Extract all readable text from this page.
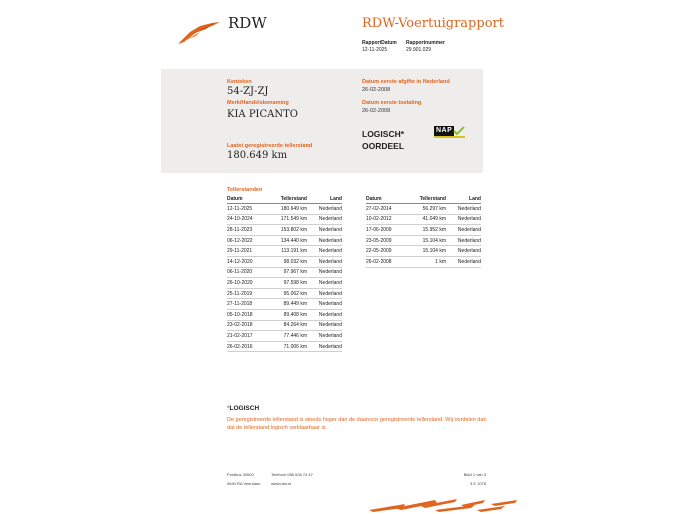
RDW	RDW-Voertuigrapport
RapportDatum
12-11-2025
Rapportnummer
29.901.029
Kenteken
54-ZJ-ZJ
Merk/Handelsbenaming
KIA PICANTO
Laatst geregistreerde tellerstand
180.649 km
Datum eerste afgifte in Nederland
26-02-2008
Datum eerste toelating
26-02-2008
LOGISCH*
OORDEEL
NAP
Tellerstanden
Datum	Tellerstand	Land
12-11-2025	180.649 km	Nederland
24-10-2024	171.549 km	Nederland
28-11-2023	153.802 km	Nederland
06-12-2022	134.440 km	Nederland
29-11-2021	113.191 km	Nederland
14-12-2020	98.032 km	Nederland
06-11-2020	97.967 km	Nederland
26-10-2020	97.598 km	Nederland
25-11-2019	95.062 km	Nederland
27-11-2018	89.449 km	Nederland
05-10-2018	89.408 km	Nederland
23-02-2018	84.264 km	Nederland
21-02-2017	77.446 km	Nederland
26-02-2016	71.006 km	Nederland
Datum	Tellerstand	Land
27-02-2014	56.297 km	Nederland
10-02-2012	41.049 km	Nederland
17-06-2009	15.952 km	Nederland
23-05-2009	15.104 km	Nederland
22-05-2009	15.104 km	Nederland
26-02-2008	1 km	Nederland
*LOGISCH
De geregistreerde tellerstand is steeds hoger dan de daarvoor geregistreerde tellerstand. Wij oordelen dan
dat de tellerstand logisch verklaarbaar is.
Postbus 30000
9640 RA Veendam
Telefoon 088 008 74 47
www.rdw.nl
Blad 1 van 3
3 E 1078
